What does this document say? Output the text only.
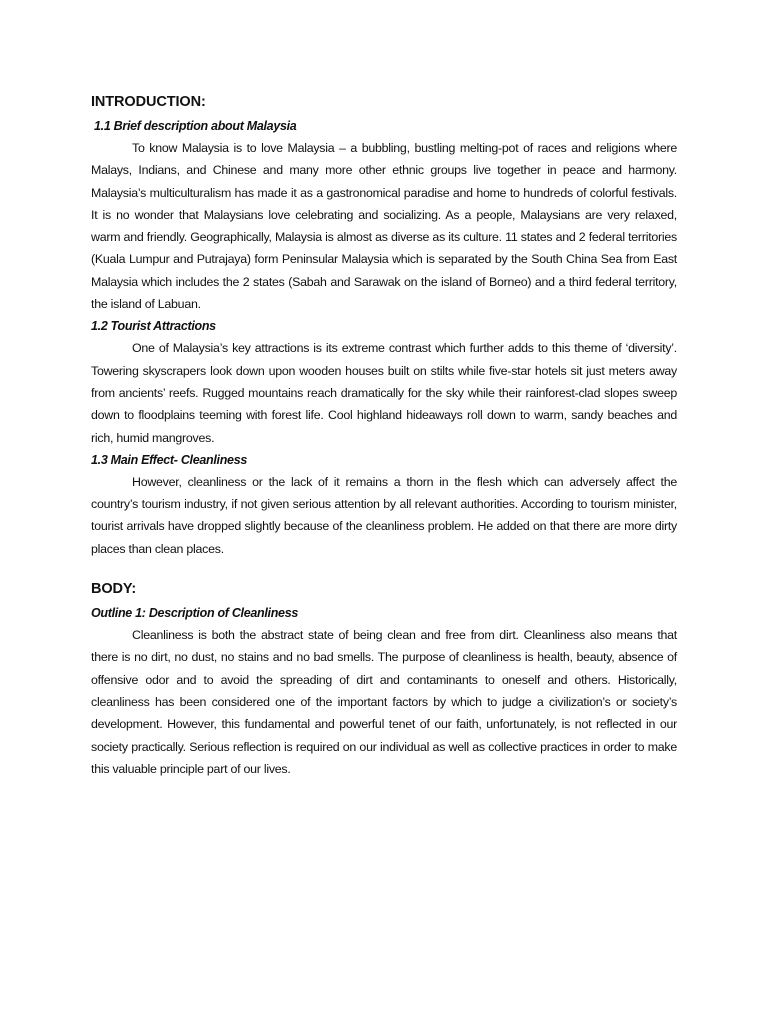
INTRODUCTION:
1.1 Brief description about Malaysia

To know Malaysia is to love Malaysia – a bubbling, bustling melting-pot of races and religions where Malays, Indians, and Chinese and many more other ethnic groups live together in peace and harmony. Malaysia’s multiculturalism has made it as a gastronomical paradise and home to hundreds of colorful festivals. It is no wonder that Malaysians love celebrating and socializing. As a people, Malaysians are very relaxed, warm and friendly. Geographically, Malaysia is almost as diverse as its culture. 11 states and 2 federal territories (Kuala Lumpur and Putrajaya) form Peninsular Malaysia which is separated by the South China Sea from East Malaysia which includes the 2 states (Sabah and Sarawak on the island of Borneo) and a third federal territory, the island of Labuan.

1.2 Tourist Attractions

One of Malaysia’s key attractions is its extreme contrast which further adds to this theme of ‘diversity’. Towering skyscrapers look down upon wooden houses built on stilts while five-star hotels sit just meters away from ancients’ reefs. Rugged mountains reach dramatically for the sky while their rainforest-clad slopes sweep down to floodplains teeming with forest life. Cool highland hideaways roll down to warm, sandy beaches and rich, humid mangroves.

1.3 Main Effect- Cleanliness

However, cleanliness or the lack of it remains a thorn in the flesh which can adversely affect the country’s tourism industry, if not given serious attention by all relevant authorities. According to tourism minister, tourist arrivals have dropped slightly because of the cleanliness problem. He added on that there are more dirty places than clean places.

BODY:
Outline 1: Description of Cleanliness

Cleanliness is both the abstract state of being clean and free from dirt. Cleanliness also means that there is no dirt, no dust, no stains and no bad smells. The purpose of cleanliness is health, beauty, absence of offensive odor and to avoid the spreading of dirt and contaminants to oneself and others. Historically, cleanliness has been considered one of the important factors by which to judge a civilization’s or society’s development. However, this fundamental and powerful tenet of our faith, unfortunately, is not reflected in our society practically. Serious reflection is required on our individual as well as collective practices in order to make this valuable principle part of our lives.
